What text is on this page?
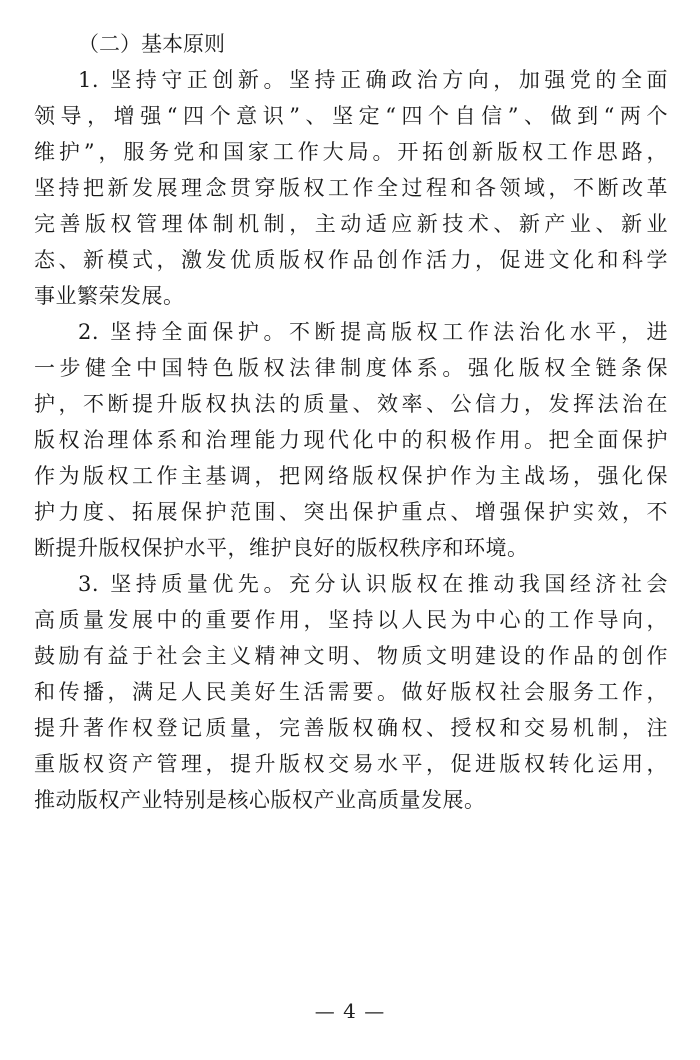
（二）基本原则
1. 坚持守正创新。坚持正确政治方向，加强党的全面
领导，增强“四个意识”、坚定“四个自信”、做到“两个
维护”，服务党和国家工作大局。开拓创新版权工作思路，
坚持把新发展理念贯穿版权工作全过程和各领域，不断改革
完善版权管理体制机制，主动适应新技术、新产业、新业
态、新模式，激发优质版权作品创作活力，促进文化和科学
事业繁荣发展。
2. 坚持全面保护。不断提高版权工作法治化水平，进
一步健全中国特色版权法律制度体系。强化版权全链条保
护，不断提升版权执法的质量、效率、公信力，发挥法治在
版权治理体系和治理能力现代化中的积极作用。把全面保护
作为版权工作主基调，把网络版权保护作为主战场，强化保
护力度、拓展保护范围、突出保护重点、增强保护实效，不
断提升版权保护水平，维护良好的版权秩序和环境。
3. 坚持质量优先。充分认识版权在推动我国经济社会
高质量发展中的重要作用，坚持以人民为中心的工作导向，
鼓励有益于社会主义精神文明、物质文明建设的作品的创作
和传播，满足人民美好生活需要。做好版权社会服务工作，
提升著作权登记质量，完善版权确权、授权和交易机制，注
重版权资产管理，提升版权交易水平，促进版权转化运用，
推动版权产业特别是核心版权产业高质量发展。
— 4 —
